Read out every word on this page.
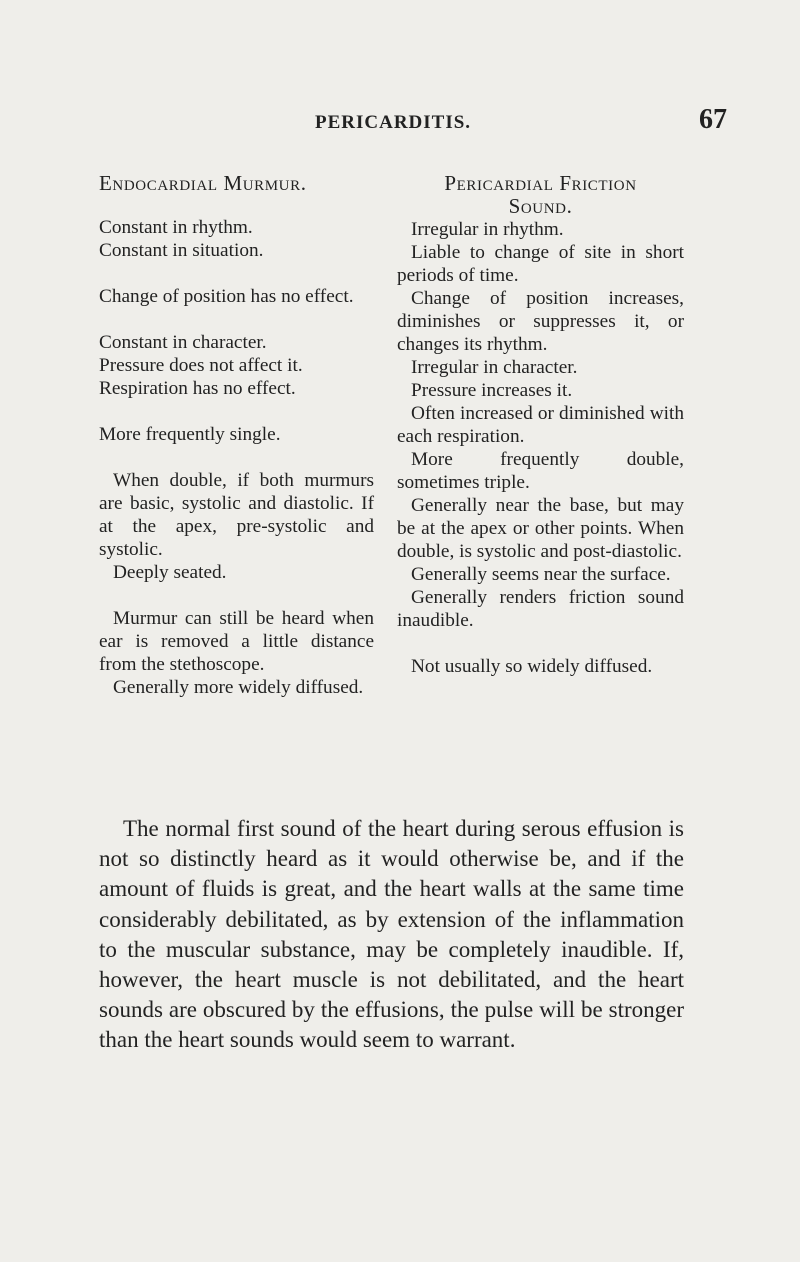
PERICARDITIS.	67

Endocardial Murmur.

Constant in rhythm.

Constant in situation.

Change of position has no effect.

Constant in character.

Pressure does not affect it.

Respiration has no effect.

More frequently single.

When double, if both murmurs are basic, systolic and diastolic. If at the apex, pre-systolic and systolic.

Deeply seated.

Murmur can still be heard when ear is removed a little distance from the stethoscope.

Generally more widely diffused.

Pericardial Friction
Sound.

Irregular in rhythm.

Liable to change of site in short periods of time.

Change of position increases, diminishes or suppresses it, or changes its rhythm.

Irregular in character.

Pressure increases it.

Often increased or diminished with each respiration.

More frequently double, sometimes triple.

Generally near the base, but may be at the apex or other points. When double, is systolic and post-diastolic.

Generally seems near the surface.

Generally renders friction sound inaudible.

Not usually so widely diffused.

The normal first sound of the heart during serous effusion is not so distinctly heard as it would otherwise be, and if the amount of fluids is great, and the heart walls at the same time considerably debilitated, as by extension of the inflammation to the muscular substance, may be completely inaudible. If, however, the heart muscle is not debilitated, and the heart sounds are obscured by the effusions, the pulse will be stronger than the heart sounds would seem to warrant.
